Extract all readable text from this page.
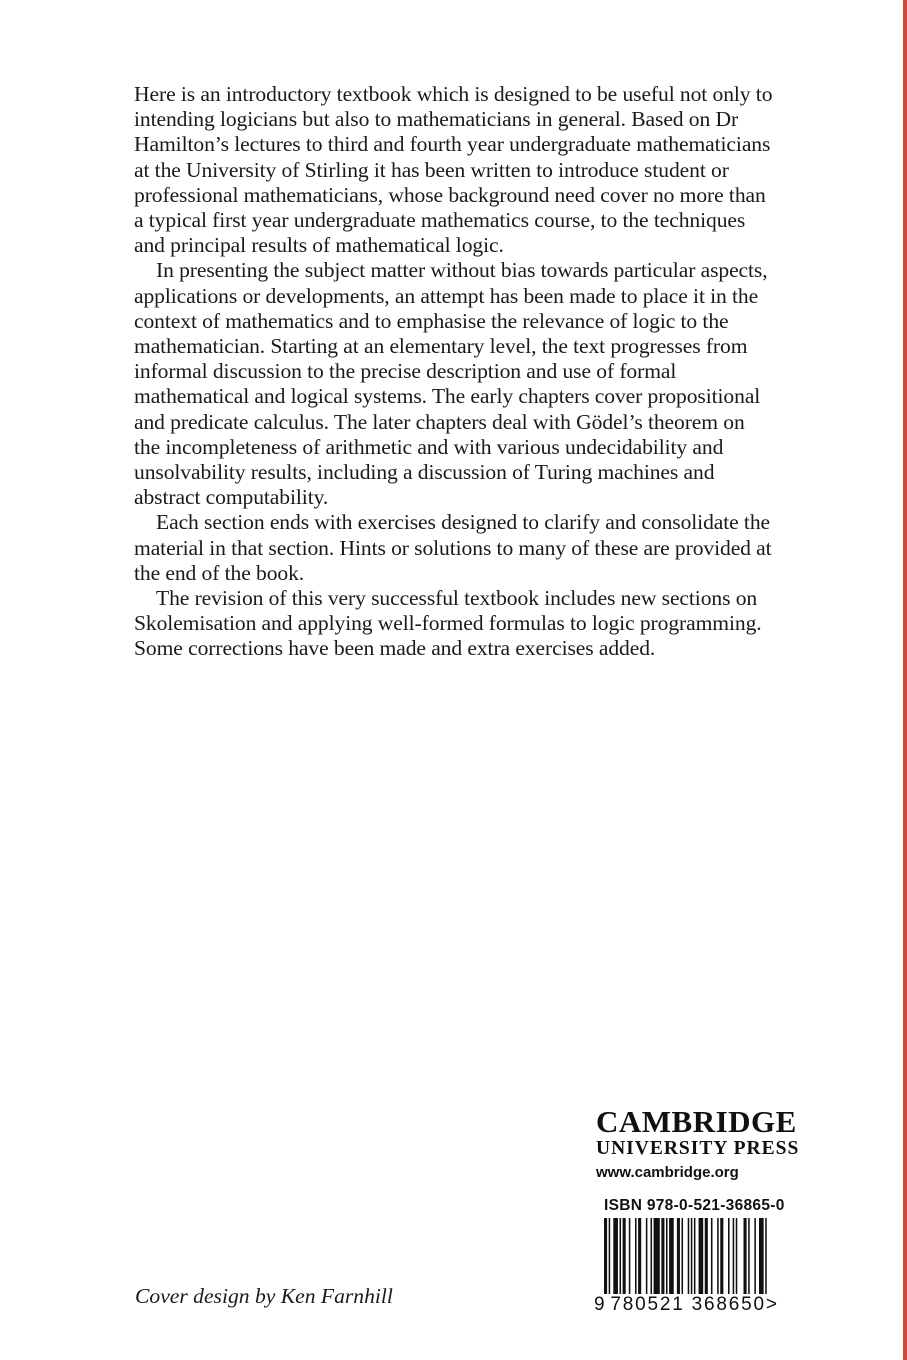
Here is an introductory textbook which is designed to be useful not only to intending logicians but also to mathematicians in general. Based on Dr Hamilton’s lectures to third and fourth year undergraduate mathematicians at the University of Stirling it has been written to introduce student or professional mathematicians, whose background need cover no more than a typical first year undergraduate mathematics course, to the techniques and principal results of mathematical logic.

In presenting the subject matter without bias towards particular aspects, applications or developments, an attempt has been made to place it in the context of mathematics and to emphasise the relevance of logic to the mathematician. Starting at an elementary level, the text progresses from informal discussion to the precise description and use of formal mathematical and logical systems. The early chapters cover propositional and predicate calculus. The later chapters deal with Gödel’s theorem on the incompleteness of arithmetic and with various undecidability and unsolvability results, including a discussion of Turing machines and abstract computability.

Each section ends with exercises designed to clarify and consolidate the material in that section. Hints or solutions to many of these are provided at the end of the book.

The revision of this very successful textbook includes new sections on Skolemisation and applying well-formed formulas to logic programming. Some corrections have been made and extra exercises added.

CAMBRIDGE
UNIVERSITY PRESS
www.cambridge.org
ISBN 978-0-521-36865-0
9 780521 368650>
Cover design by Ken Farnhill
